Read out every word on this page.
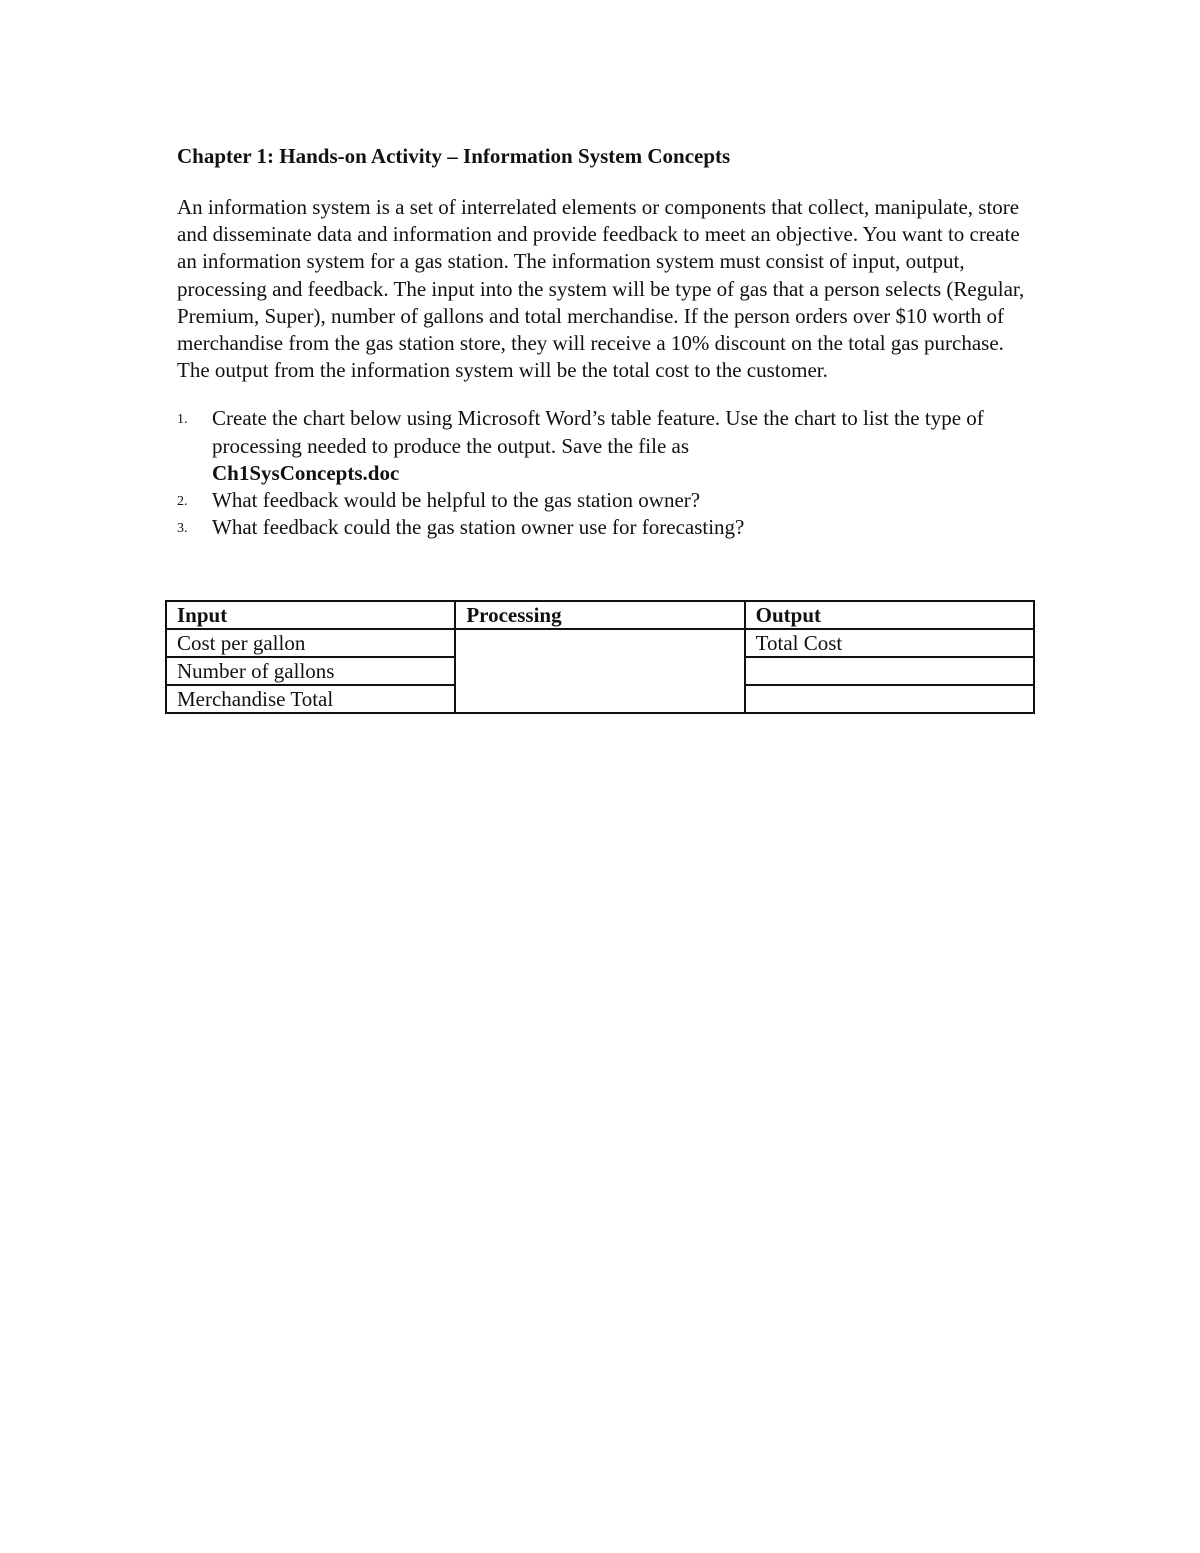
Chapter 1: Hands-on Activity – Information System Concepts
An information system is a set of interrelated elements or components that collect, manipulate, store and disseminate data and information and provide feedback to meet an objective. You want to create an information system for a gas station. The information system must consist of input, output, processing and feedback. The input into the system will be type of gas that a person selects (Regular, Premium, Super), number of gallons and total merchandise. If the person orders over $10 worth of merchandise from the gas station store, they will receive a 10% discount on the total gas purchase. The output from the information system will be the total cost to the customer.
1. Create the chart below using Microsoft Word’s table feature. Use the chart to list the type of processing needed to produce the output. Save the file as
Ch1SysConcepts.doc
2. What feedback would be helpful to the gas station owner?
3. What feedback could the gas station owner use for forecasting?
Input	Processing	Output
Cost per gallon		Total Cost
Number of gallons		
Merchandise Total		
